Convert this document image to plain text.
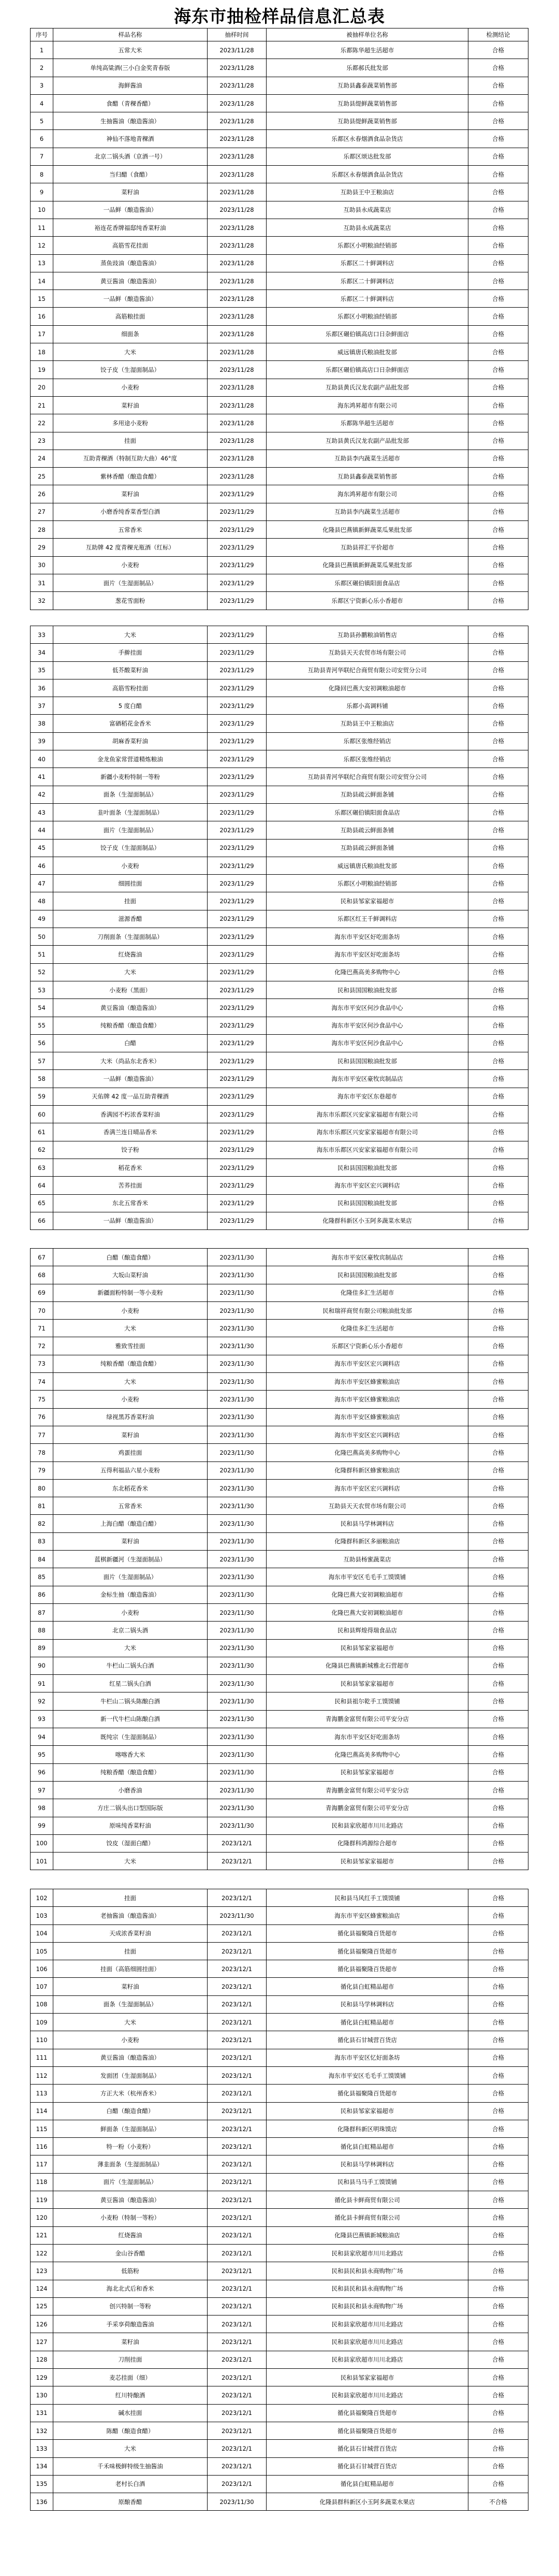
海东市抽检样品信息汇总表
序号	样品名称	抽样时间	被抽样单位名称	检测结论
1	五常大米	2023/11/28	乐都陈华超生活超市	合格
2	单纯高粱酒(三小白金奖青春版	2023/11/28	乐都郝氏批发部	合格
3	海鲜酱油	2023/11/28	互助县鑫泰蔬菜销售部	合格
4	食醋（青稞香醋）	2023/11/28	互助县缇鲜蔬菜销售部	合格
5	生抽酱油（酿造酱油）	2023/11/28	互助县缇鲜蔬菜销售部	合格
6	神仙不落地青稞酒	2023/11/28	乐都区永春烟酒食品杂货店	合格
7	北京二锅头酒（京酒一号）	2023/11/28	乐都区颂达批发部	合格
8	当归醋（食醋）	2023/11/28	乐都区永春烟酒食品杂货店	合格
9	菜籽油	2023/11/28	互助县王中王粮油店	合格
10	一品鲜（酿造酱油）	2023/11/28	互助县永成蔬菜店	合格
11	裕连花香牌福邸纯香菜籽油	2023/11/28	互助县永成蔬菜店	合格
12	高筋雪花挂面	2023/11/28	乐都区小明粮油经销部	合格
13	蒸鱼豉油（酿造酱油）	2023/11/28	乐都区二十鲜调料店	合格
14	黄豆酱油（酿造酱油）	2023/11/28	乐都区二十鲜调料店	合格
15	一品鲜（酿造酱油）	2023/11/28	乐都区二十鲜调料店	合格
16	高筋粮挂面	2023/11/28	乐都区小明粮油经销部	合格
17	细面条	2023/11/28	乐都区碾伯镇高店口日杂鲜面店	合格
18	大米	2023/11/28	威远镇唐氏粮油批发部	合格
19	饺子皮（生湿面制品）	2023/11/28	乐都区碾伯镇高店口日杂鲜面店	合格
20	小麦粉	2023/11/28	互助县黄氏汉龙农副产品批发部	合格
21	菜籽油	2023/11/28	海东鸿昇超市有限公司	合格
22	多用途小麦粉	2023/11/28	乐都陈华超生活超市	合格
23	挂面	2023/11/28	互助县黄氏汉龙农副产品批发部	合格
24	互助青稞酒（特制互助大曲）46°度	2023/11/28	互助县李内蔬菜生活超市	合格
25	紫林香醋（酿造食醋）	2023/11/28	互助县鑫泰蔬菜销售部	合格
26	菜籽油	2023/11/29	海东鸿昇超市有限公司	合格
27	小磨香纯香菜香型白酒	2023/11/29	互助县李内蔬菜生活超市	合格
28	五常香米	2023/11/29	化隆县巴燕镇新鲜蔬菜瓜果批发部	合格
29	互助牌 42 度青稞光瓶酒（红标）	2023/11/29	互助县祥汇平价超市	合格
30	小麦粉	2023/11/29	化隆县巴燕镇新鲜蔬菜瓜果批发部	合格
31	面片（生湿面制品）	2023/11/29	乐都区碾伯镇阳面食品店	合格
32	葱花雪面粉	2023/11/29	乐都区宁资新心乐小香超市	合格
33	大米	2023/11/29	互助县孙鹏粮油销售店	合格
34	手擀挂面	2023/11/29	互助县天天农贸市场有限公司	合格
35	低芥酸菜籽油	2023/11/29	互助县青河华联纪合商贸有限公司安贸分公司	合格
36	高筋雪粉挂面	2023/11/29	化隆回巴燕大安初调粮油超市	合格
37	5 度白醋	2023/11/29	乐都小高调料铺	合格
38	富硒稻花金香米	2023/11/29	互助县王中王粮油店	合格
39	胡麻香菜籽油	2023/11/29	乐都区张维经销店	合格
40	金龙鱼家常营道精炼粮油	2023/11/29	乐都区张维经销店	合格
41	新疆小麦粉特制一等粉	2023/11/29	互助县青河华联纪合商贸有限公司安贸分公司	合格
42	面条（生湿面制品）	2023/11/29	互助县疏云鲜面条铺	合格
43	韭叶面条（生湿面制品）	2023/11/29	乐都区碾伯镇阳面食品店	合格
44	面片（生湿面制品）	2023/11/29	互助县疏云鲜面条铺	合格
45	饺子皮（生湿面制品）	2023/11/29	互助县疏云鲜面条铺	合格
46	小麦粉	2023/11/29	威远镇唐氏粮油批发部	合格
47	细圆挂面	2023/11/29	乐都区小明粮油经销部	合格
48	挂面	2023/11/29	民和县邹家家福超市	合格
49	滋源香醋	2023/11/29	乐都区红王千鲜调料店	合格
50	刀削面条（生湿面制品）	2023/11/29	海东市平安区好吃面条坊	合格
51	红烧酱油	2023/11/29	海东市平安区好吃面条坊	合格
52	大米	2023/11/29	化隆巴燕高美多购物中心	合格
53	小麦粉（黑面）	2023/11/29	民和县国国粮油批发部	合格
54	黄豆酱油（酿造酱油）	2023/11/29	海东市平安区何沙食品中心	合格
55	纯粮香醋（酿造食醋）	2023/11/29	海东市平安区何沙食品中心	合格
56	白醋	2023/11/29	海东市平安区何沙食品中心	合格
57	大米（尚品东北香米）	2023/11/29	民和县国国粮油批发部	合格
58	一品鲜（酿造酱油）	2023/11/29	海东市平安区豪牧宾制品店	合格
59	天佑牌 42 度一品互助青稞酒	2023/11/29	海东市平安区东巷超市	合格
60	香满园不朽浓香菜籽油	2023/11/29	海东市乐都区兴安家家福超市有限公司	合格
61	香满兰连日晴品香米	2023/11/29	海东市乐都区兴安家家福超市有限公司	合格
62	饺子粉	2023/11/29	海东市乐都区兴安家家福超市有限公司	合格
63	稻花香米	2023/11/29	民和县国国粮油批发部	合格
64	苦荞挂面	2023/11/29	海东市平安区宏兴调料店	合格
65	东北五常香米	2023/11/29	民和县国国粮油批发部	合格
66	一品鲜（酿造酱油）	2023/11/29	化隆群科新区小玉阿多蔬菜水果店	合格
67	白醋（酿造食醋）	2023/11/30	海东市平安区豪牧宾制品店	合格
68	大坂山菜籽油	2023/11/30	民和县国国粮油批发部	合格
69	新疆面粉特制一等小麦粉	2023/11/30	化隆佳多汇生活超市	合格
70	小麦粉	2023/11/30	民和瑞祥商贸有限公司粮油批发部	合格
71	大米	2023/11/30	化隆佳多汇生活超市	合格
72	雅致雪挂面	2023/11/30	乐都区宁资新心乐小香超市	合格
73	纯粮香醋（酿造食醋）	2023/11/30	海东市平安区宏兴调料店	合格
74	大米	2023/11/30	海东市平安区蜂蜜粮油店	合格
75	小麦粉	2023/11/30	海东市平安区蜂蜜粮油店	合格
76	绿视黑苏香菜籽油	2023/11/30	海东市平安区蜂蜜粮油店	合格
77	菜籽油	2023/11/30	海东市平安区宏兴调料店	合格
78	鸡蛋挂面	2023/11/30	化隆巴燕高美多购物中心	合格
79	五得利福品六星小麦粉	2023/11/30	化隆群科新区蜂蜜粮油店	合格
80	东北稻花香米	2023/11/30	海东市平安区宏兴调料店	合格
81	五常香米	2023/11/30	互助县天天农贸市场有限公司	合格
82	上海白醋（酿造白醋）	2023/11/30	民和县马学林调料店	合格
83	菜籽油	2023/11/30	化隆群科新区多丽粮油店	合格
84	蓝棋新疆河（生湿面制品）	2023/11/30	互助县杨蜜蔬菜店	合格
85	面片（生湿面制品）	2023/11/30	海东市平安区毛毛手工馍馍铺	合格
86	金标生抽（酿造酱油）	2023/11/30	化隆巴燕大安初调粮油超市	合格
87	小麦粉	2023/11/30	化隆巴燕大安初调粮油超市	合格
88	北京二锅头酒	2023/11/30	民和县辉煌得瑞食品店	合格
89	大米	2023/11/30	民和县邹家家福超市	合格
90	牛栏山二锅头白酒	2023/11/30	化隆县巴燕镇新城雅北石营超市	合格
91	红星二锅头白酒	2023/11/30	民和县邹家家福超市	合格
92	牛栏山二锅头陈酿白酒	2023/11/30	民和县祖尔乾手工馍馍铺	合格
93	新一代牛栏山陈酿白酒	2023/11/30	青海鹏金富贸有限公司平安分店	合格
94	既纯宗（生湿面制品）	2023/11/30	海东市平安区好吃面条坊	合格
95	喀喀香大米	2023/11/30	化隆巴燕高美多购物中心	合格
96	纯粮香醋（酿造食醋）	2023/11/30	民和县邹家家福超市	合格
97	小磨香油	2023/11/30	青海鹏金富贸有限公司平安分店	合格
98	方庄二锅头出口型国际版	2023/11/30	青海鹏金富贸有限公司平安分店	合格
99	原味纯香菜籽油	2023/11/30	民和县家欣超市川川北路店	合格
100	饺皮（湿面白醋）	2023/12/1	化隆群科鸿源综合超市	合格
101	大米	2023/12/1	民和县邹家家福超市	合格
102	挂面	2023/12/1	民和县马风红手工馍馍铺	合格
103	老抽酱油（酿造酱油）	2023/11/30	海东市平安区蜂蜜粮油店	合格
104	天成浓香菜籽油	2023/12/1	循化县福聚隆百货超市	合格
105	挂面	2023/12/1	循化县福聚隆百货超市	合格
106	挂面（高筋细圆挂面）	2023/12/1	循化县福聚隆百货超市	合格
107	菜籽油	2023/12/1	循化县白虹精品超市	合格
108	面条（生湿面制品）	2023/12/1	民和县马学林调料店	合格
109	大米	2023/12/1	循化县白虹精品超市	合格
110	小麦粉	2023/12/1	循化县石甘城营百货店	合格
111	黄豆酱油（酿造酱油）	2023/12/1	海东市平安区忆好面条坊	合格
112	发面团（生湿面制品）	2023/12/1	海东市平安区毛毛手工馍馍铺	合格
113	方正大米（杭州香米）	2023/12/1	循化县福聚隆百货超市	合格
114	白醋（酿造食醋）	2023/12/1	民和县邹家家福超市	合格
115	鲜面条（生湿面制品）	2023/12/1	化隆群科新区明珠馍店	合格
116	特一粉（小麦粉）	2023/12/1	循化县白虹精品超市	合格
117	薄韭面条（生湿面制品）	2023/12/1	民和县马学林调料店	合格
118	面片（生湿面制品）	2023/12/1	民和县马马手工馍馍铺	合格
119	黄豆酱油（酿造酱油）	2023/12/1	循化县卡鲜商贸有限公司	合格
120	小麦粉（特制一等粉）	2023/12/1	循化县卡鲜商贸有限公司	合格
121	红烧酱油	2023/12/1	化隆县巴燕镇新城粮油店	合格
122	金山谷香醋	2023/12/1	民和县家欣超市川川北路店	合格
123	低筋粉	2023/12/1	民和县民和县永商购物广场	合格
124	海北北式后和香米	2023/12/1	民和县民和县永商购物广场	合格
125	创兴特制一等粉	2023/12/1	民和县民和县永商购物广场	合格
126	手采享荷酿造酱油	2023/12/1	民和县家欣超市川川北路店	合格
127	菜籽油	2023/12/1	民和县家欣超市川川北路店	合格
128	刀削挂面	2023/12/1	民和县家欣超市川川北路店	合格
129	麦芯挂面（细）	2023/12/1	民和县邹家家福超市	合格
130	红川特酿酒	2023/12/1	民和县家欣超市川川北路店	合格
131	碱水挂面	2023/12/1	循化县福聚隆百货超市	合格
132	陈醋（酿造食醋）	2023/12/1	循化县福聚隆百货超市	合格
133	大米	2023/12/1	循化县石甘城营百货店	合格
134	千禾味极鲜特级生抽酱油	2023/12/1	循化县石甘城营百货店	合格
135	老村长白酒	2023/12/1	循化县白虹精品超市	合格
136	原酿香醋	2023/11/30	化隆县群科新区小玉阿多蔬菜水果店	不合格
